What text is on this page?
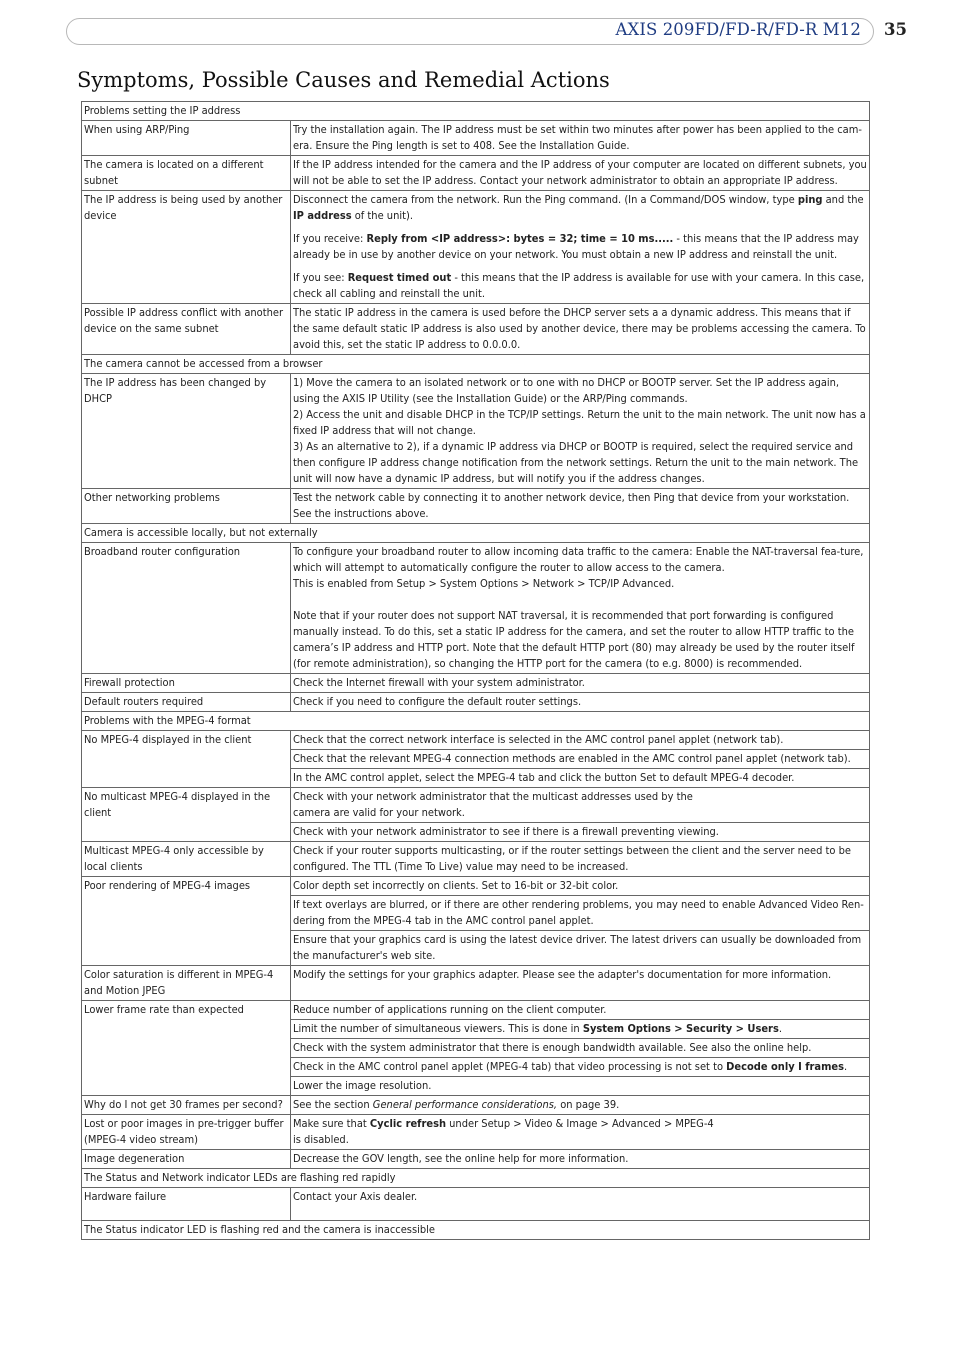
AXIS 209FD/FD-R/FD-R M12 35
Symptoms, Possible Causes and Remedial Actions
Problems setting the IP address	
When using ARP/Ping	Try the installation again. The IP address must be set within two minutes after power has been applied to the cam-era. Ensure the Ping length is set to 408. See the Installation Guide.

The camera is located on a different subnet	If the IP address intended for the camera and the IP address of your computer are located on different subnets, you will not be able to set the IP address. Contact your network administrator to obtain an appropriate IP address.

The IP address is being used by another device	Disconnect the camera from the network. Run the Ping command. (In a Command/DOS window, type ping and the IP address of the unit).
If you receive: Reply from <IP address>: bytes = 32; time = 10 ms..... - this means that the IP address may already be in use by another device on your network. You must obtain a new IP address and reinstall the unit.
If you see: Request timed out - this means that the IP address is available for use with your camera. In this case, check all cabling and reinstall the unit.

Possible IP address conflict with another device on the same subnet	The static IP address in the camera is used before the DHCP server sets a a dynamic address. This means that if the same default static IP address is also used by another device, there may be problems accessing the camera. To avoid this, set the static IP address to 0.0.0.0.

The camera cannot be accessed from a browser	
The IP address has been changed by DHCP	1) Move the camera to an isolated network or to one with no DHCP or BOOTP server. Set the IP address again, using the AXIS IP Utility (see the Installation Guide) or the ARP/Ping commands.
2) Access the unit and disable DHCP in the TCP/IP settings. Return the unit to the main network. The unit now has a fixed IP address that will not change.
3) As an alternative to 2), if a dynamic IP address via DHCP or BOOTP is required, select the required service and then configure IP address change notification from the network settings. Return the unit to the main network. The unit will now have a dynamic IP address, but will notify you if the address changes.

Other networking problems	Test the network cable by connecting it to another network device, then Ping that device from your workstation. See the instructions above.

Camera is accessible locally, but not externally	
Broadband router configuration	To configure your broadband router to allow incoming data traffic to the camera: Enable the NAT-traversal fea-ture, which will attempt to automatically configure the router to allow access to the camera.
This is enabled from Setup > System Options > Network > TCP/IP Advanced.

Note that if your router does not support NAT traversal, it is recommended that port forwarding is configured manually instead. To do this, set a static IP address for the camera, and set the router to allow HTTP traffic to the camera’s IP address and HTTP port. Note that the default HTTP port (80) may already be used by the router itself (for remote administration), so changing the HTTP port for the camera (to e.g. 8000) is recommended.

Firewall protection	Check the Internet firewall with your system administrator.

Default routers required	Check if you need to configure the default router settings.

Problems with the MPEG-4 format	
No MPEG-4 displayed in the client	Check that the correct network interface is selected in the AMC control panel applet (network tab).

	Check that the relevant MPEG-4 connection methods are enabled in the AMC control panel applet (network tab).

	In the AMC control applet, select the MPEG-4 tab and click the button Set to default MPEG-4 decoder.

No multicast MPEG-4 displayed in the client	Check with your network administrator that the multicast addresses used by the
camera are valid for your network.

	Check with your network administrator to see if there is a firewall preventing viewing.

Multicast MPEG-4 only accessible by local clients	Check if your router supports multicasting, or if the router settings between the client and the server need to be configured. The TTL (Time To Live) value may need to be increased.

Poor rendering of MPEG-4 images	Color depth set incorrectly on clients. Set to 16-bit or 32-bit color.

	If text overlays are blurred, or if there are other rendering problems, you may need to enable Advanced Video Ren-dering from the MPEG-4 tab in the AMC control panel applet.

	Ensure that your graphics card is using the latest device driver. The latest drivers can usually be downloaded from the manufacturer's web site.

Color saturation is different in MPEG-4 and Motion JPEG	Modify the settings for your graphics adapter. Please see the adapter's documentation for more information.

Lower frame rate than expected	Reduce number of applications running on the client computer.

	Limit the number of simultaneous viewers. This is done in System Options > Security > Users.

	Check with the system administrator that there is enough bandwidth available. See also the online help.

	Check in the AMC control panel applet (MPEG-4 tab) that video processing is not set to Decode only I frames.

	Lower the image resolution.

Why do I not get 30 frames per second?	See the section General performance considerations, on page 39.

Lost or poor images in pre-trigger buffer (MPEG-4 video stream)	Make sure that Cyclic refresh under Setup > Video & Image > Advanced > MPEG-4
is disabled.

Image degeneration	Decrease the GOV length, see the online help for more information.

The Status and Network indicator LEDs are flashing red rapidly	
Hardware failure	Contact your Axis dealer.

The Status indicator LED is flashing red and the camera is inaccessible	
